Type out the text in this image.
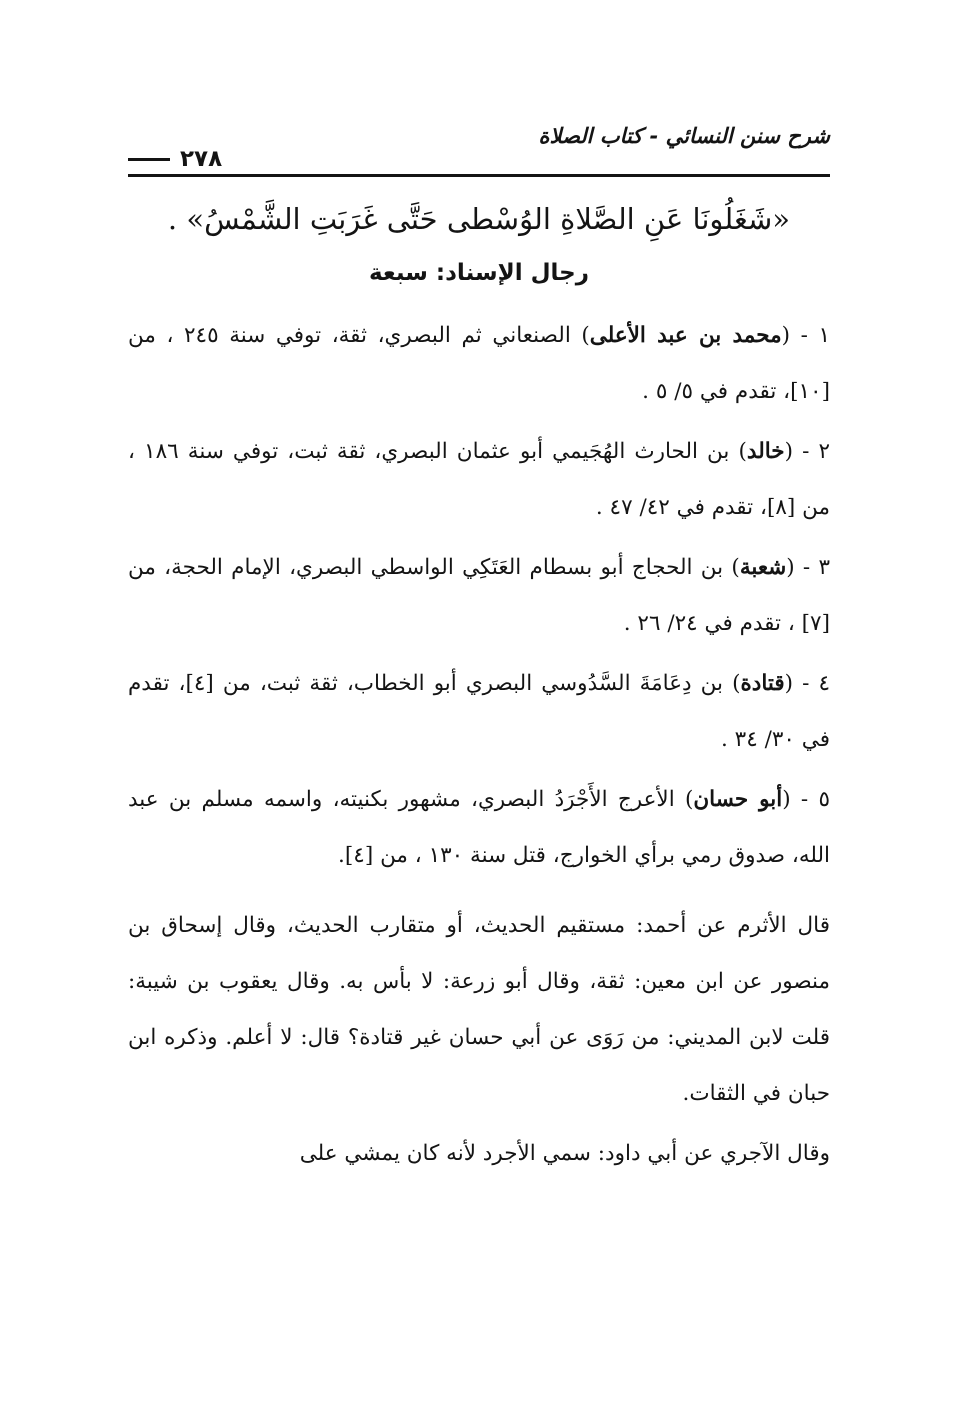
شرح سنن النسائي - كتاب الصلاة
٢٧٨

«شَغَلُونَا عَنِ الصَّلاةِ الوُسْطى حَتَّى غَرَبَتِ الشَّمْسُ» .

رجال الإسناد: سبعة

١ - (محمد بن عبد الأعلى) الصنعاني ثم البصري، ثقة، توفي سنة ٢٤٥ ، من [١٠]، تقدم في ٥/ ٥ .

٢ - (خالد) بن الحارث الهُجَيمي أبو عثمان البصري، ثقة ثبت، توفي سنة ١٨٦ ، من [٨]، تقدم في ٤٢/ ٤٧ .

٣ - (شعبة) بن الحجاج أبو بسطام العَتَكِي الواسطي البصري، الإمام الحجة، من [٧] ، تقدم في ٢٤/ ٢٦ .

٤ - (قتادة) بن دِعَامَةَ السَّدُوسي البصري أبو الخطاب، ثقة ثبت، من [٤]، تقدم في ٣٠/ ٣٤ .

٥ - (أبو حسان) الأعرج الأَجْرَدُ البصري، مشهور بكنيته، واسمه مسلم بن عبد الله، صدوق رمي برأي الخوارج، قتل سنة ١٣٠ ، من [٤].

قال الأثرم عن أحمد: مستقيم الحديث، أو متقارب الحديث، وقال إسحاق بن منصور عن ابن معين: ثقة، وقال أبو زرعة: لا بأس به. وقال يعقوب بن شيبة: قلت لابن المديني: من رَوَى عن أبي حسان غير قتادة؟ قال: لا أعلم. وذكره ابن حبان في الثقات.

وقال الآجري عن أبي داود: سمي الأجرد لأنه كان يمشي على
